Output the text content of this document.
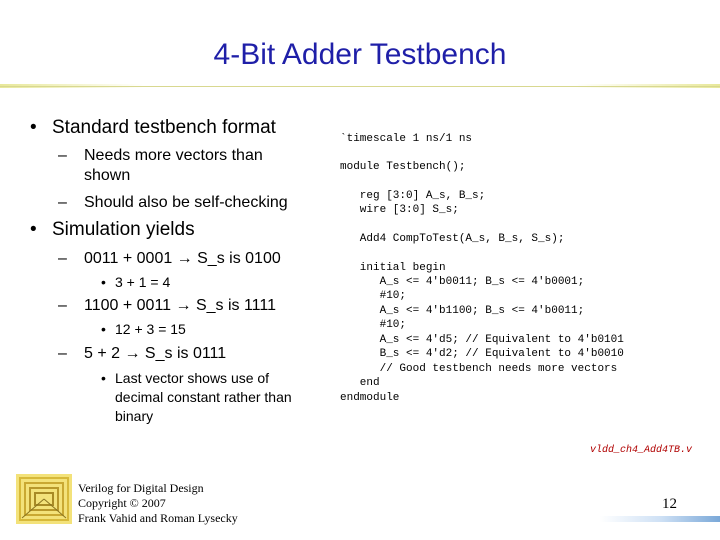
4-Bit Adder Testbench
• Standard testbench format
– Needs more vectors than
shown
– Should also be self-checking
• Simulation yields
– 0011 + 0001 → S_s is 0100
• 3 + 1 = 4
– 1100 + 0011 → S_s is 1111
• 12 + 3 = 15
– 5 + 2 → S_s is 0111
• Last vector shows use of
decimal constant rather than
binary
`timescale 1 ns/1 ns
module Testbench();
reg [3:0] A_s, B_s;
wire [3:0] S_s;
Add4 CompToTest(A_s, B_s, S_s);
initial begin
A_s <= 4'b0011; B_s <= 4'b0001;
#10;
A_s <= 4'b1100; B_s <= 4'b0011;
#10;
A_s <= 4'd5; // Equivalent to 4'b0101
B_s <= 4'd2; // Equivalent to 4'b0010
// Good testbench needs more vectors
end
endmodule
vldd_ch4_Add4TB.v
Verilog for Digital Design
Copyright © 2007
Frank Vahid and Roman Lysecky
12
